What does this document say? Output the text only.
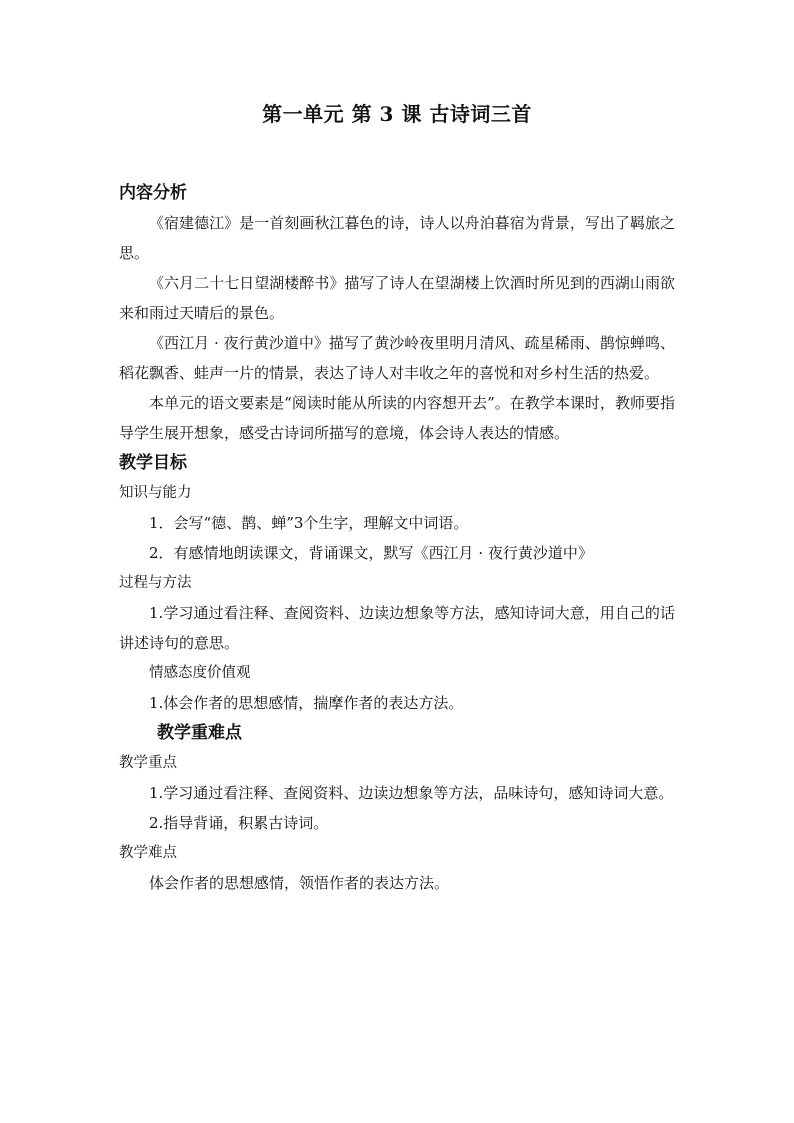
第一单元 第 3 课 古诗词三首

内容分析

《宿建德江》是一首刻画秋江暮色的诗，诗人以舟泊暮宿为背景，写出了羁旅之思。

《六月二十七日望湖楼醉书》描写了诗人在望湖楼上饮酒时所见到的西湖山雨欲来和雨过天晴后的景色。

《西江月 · 夜行黄沙道中》描写了黄沙岭夜里明月清风、疏星稀雨、鹊惊蝉鸣、稻花飘香、蛙声一片的情景，表达了诗人对丰收之年的喜悦和对乡村生活的热爱。

本单元的语文要素是“阅读时能从所读的内容想开去”。在教学本课时，教师要指导学生展开想象，感受古诗词所描写的意境，体会诗人表达的情感。

教学目标

知识与能力

1．会写“德、鹊、蝉”3个生字，理解文中词语。

2．有感情地朗读课文，背诵课文，默写《西江月 · 夜行黄沙道中》

过程与方法

1.学习通过看注释、查阅资料、边读边想象等方法，感知诗词大意，用自己的话讲述诗句的意思。

情感态度价值观

1.体会作者的思想感情，揣摩作者的表达方法。

教学重难点

教学重点

1.学习通过看注释、查阅资料、边读边想象等方法，品味诗句，感知诗词大意。

2.指导背诵，积累古诗词。

教学难点

体会作者的思想感情，领悟作者的表达方法。
